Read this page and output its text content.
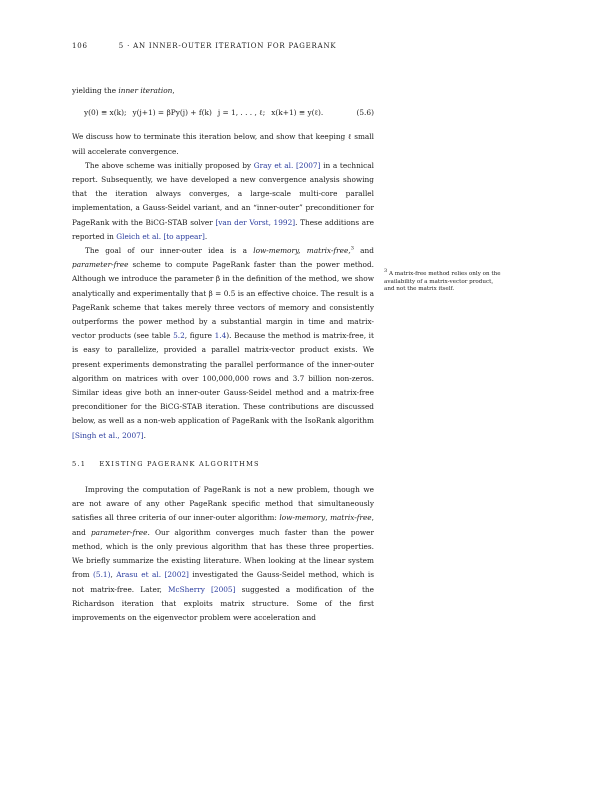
106	5 · AN INNER-OUTER ITERATION FOR PAGERANK

yielding the inner iteration,

y(0) ≡ x(k); y(j+1) = βPy(j) + f(k) j = 1, . . . , ℓ; x(k+1) ≡ y(ℓ).	(5.6)

We discuss how to terminate this iteration below, and show that keeping ℓ small will accelerate convergence.

The above scheme was initially proposed by Gray et al. [2007] in a technical report. Subsequently, we have developed a new convergence analysis showing that the iteration always converges, a large-scale multi-core parallel implementation, a Gauss-Seidel variant, and an “inner-outer” preconditioner for PageRank with the BiCG-STAB solver [van der Vorst, 1992]. These additions are reported in Gleich et al. [to appear].

The goal of our inner-outer idea is a low-memory, matrix-free,$^3$ and parameter-free scheme to compute PageRank faster than the power method. Although we introduce the parameter β in the definition of the method, we show analytically and experimentally that β = 0.5 is an effective choice. The result is a PageRank scheme that takes merely three vectors of memory and consistently outperforms the power method by a substantial margin in time and matrix-vector products (see table 5.2, figure 1.4). Because the method is matrix-free, it is easy to parallelize, provided a parallel matrix-vector product exists. We present experiments demonstrating the parallel performance of the inner-outer algorithm on matrices with over 100,000,000 rows and 3.7 billion non-zeros. Similar ideas give both an inner-outer Gauss-Seidel method and a matrix-free preconditioner for the BiCG-STAB iteration. These contributions are discussed below, as well as a non-web application of PageRank with the IsoRank algorithm [Singh et al., 2007].

5.1 EXISTING PAGERANK ALGORITHMS

Improving the computation of PageRank is not a new problem, though we are not aware of any other PageRank specific method that simultaneously satisfies all three criteria of our inner-outer algorithm: low-memory, matrix-free, and parameter-free. Our algorithm converges much faster than the power method, which is the only previous algorithm that has these three properties. We briefly summarize the existing literature. When looking at the linear system from (5.1), Arasu et al. [2002] investigated the Gauss-Seidel method, which is not matrix-free. Later, McSherry [2005] suggested a modification of the Richardson iteration that exploits matrix structure. Some of the first improvements on the eigenvector problem were acceleration and

$^3$ A matrix-free method relies only on the availability of a matrix-vector product, and not the matrix itself.
